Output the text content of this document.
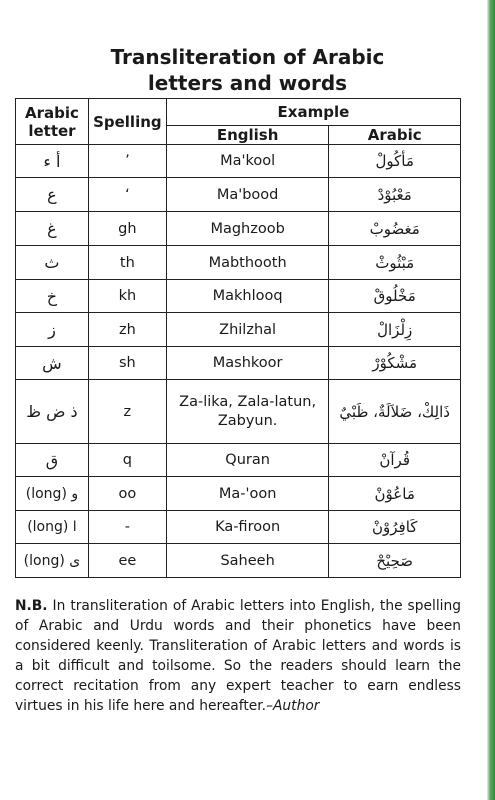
Transliteration of Arabic
letters and words
Arabic
letter	Spelling	Example	
		English	Arabic
أ ء	’	Ma'kool	مَأكُولْ
ع	‘	Ma'bood	مَعْبُوْدْ
غ	gh	Maghzoob	مَغضُوبْ
ث	th	Mabthooth	مَبْثُوثْ
خ	kh	Makhlooq	مَخْلُوقْ
ز	zh	Zhilzhal	زِلْزَالْ
ش	sh	Mashkoor	مَشْكُوْرْ
ذ ض ظ	z	Za-lika, Zala-latun, Zabyun.	ذَالِكْ، ضَلاَلَةٌ، ظَبْيٌ
ق	q	Quran	قُرآنْ
و (long)	oo	Ma-'oon	مَاعُوْنْ
ا (long)	-	Ka-firoon	كَافِرُوْنْ
ى (long)	ee	Saheeh	صَحِيْحْ
N.B. In transliteration of Arabic letters into English, the spelling of Arabic and Urdu words and their phonetics have been considered keenly. Transliteration of Arabic letters and words is a bit difficult and toilsome. So the readers should learn the correct recitation from any expert teacher to earn endless virtues in his life here and hereafter.–Author
